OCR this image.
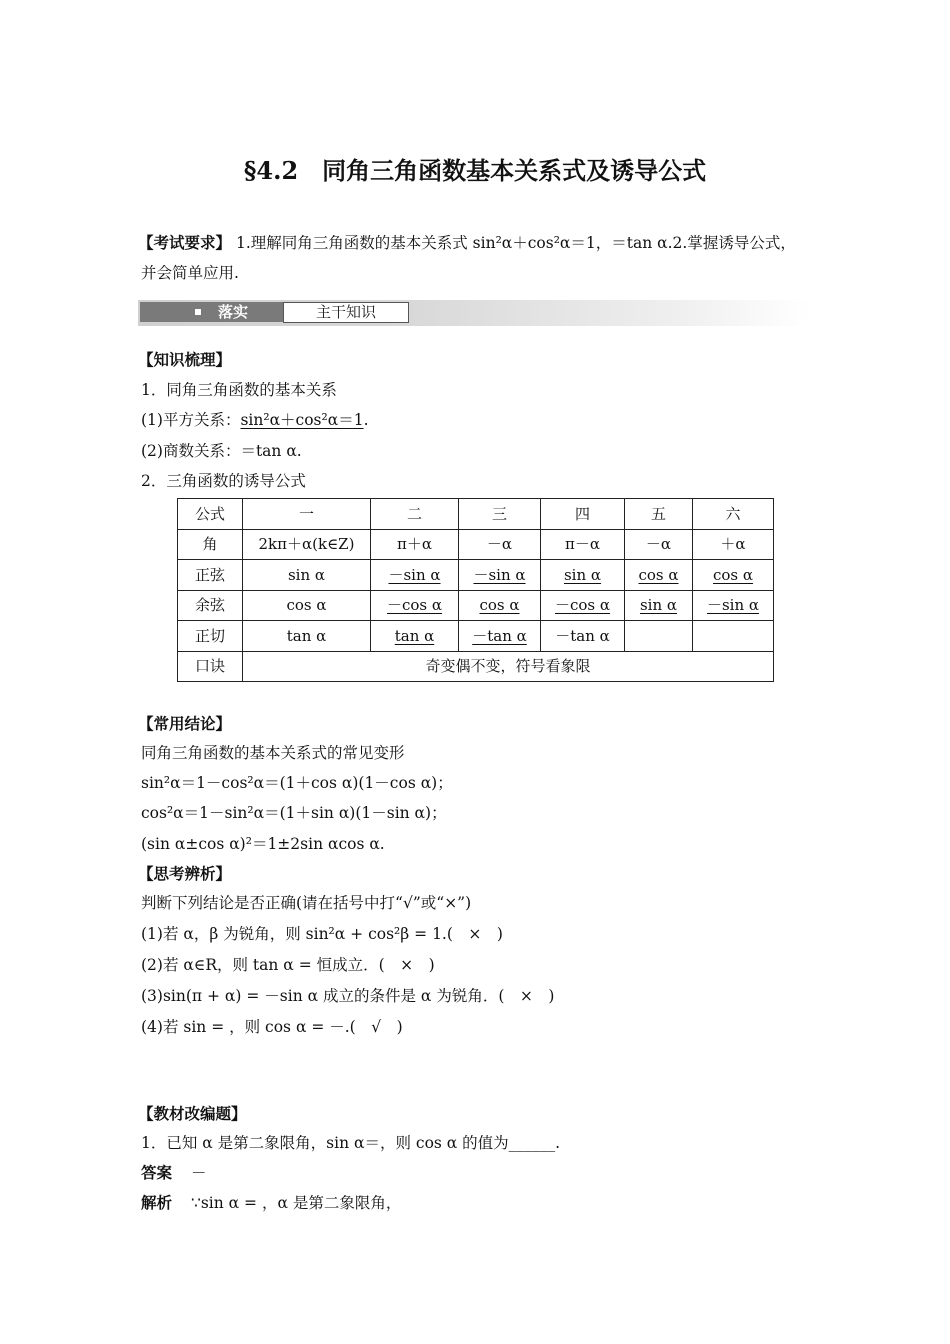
§4.2　同角三角函数基本关系式及诱导公式
【考试要求】 1.理解同角三角函数的基本关系式 sin²α＋cos²α＝1，＝tan α.2.掌握诱导公式，
并会简单应用.
落实	主干知识
【知识梳理】
1．同角三角函数的基本关系
(1)平方关系：sin²α＋cos²α＝1.
(2)商数关系：＝tan α.
2．三角函数的诱导公式
公式	一	二	三	四	五	六
角	2kπ＋α(k∈Z)	π＋α	－α	π－α	－α	＋α
正弦	sin α	－sin α	－sin α	sin α	cos α	cos α
余弦	cos α	－cos α	cos α	－cos α	sin α	－sin α
正切	tan α	tan α	－tan α	－tan α		
口诀	奇变偶不变，符号看象限					
【常用结论】
同角三角函数的基本关系式的常见变形
sin²α＝1－cos²α＝(1＋cos α)(1－cos α)；
cos²α＝1－sin²α＝(1＋sin α)(1－sin α)；
(sin α±cos α)²＝1±2sin αcos α.
【思考辨析】
判断下列结论是否正确(请在括号中打“√”或“×”)
(1)若 α，β 为锐角，则 sin²α + cos²β = 1.(　×　)
(2)若 α∈R，则 tan α = 恒成立．(　×　)
(3)sin(π + α) = －sin α 成立的条件是 α 为锐角．(　×　)
(4)若 sin = ，则 cos α = －.(　√　)
【教材改编题】
1．已知 α 是第二象限角，sin α＝，则 cos α 的值为______.
答案 －
解析 ∵sin α = ，α 是第二象限角，
